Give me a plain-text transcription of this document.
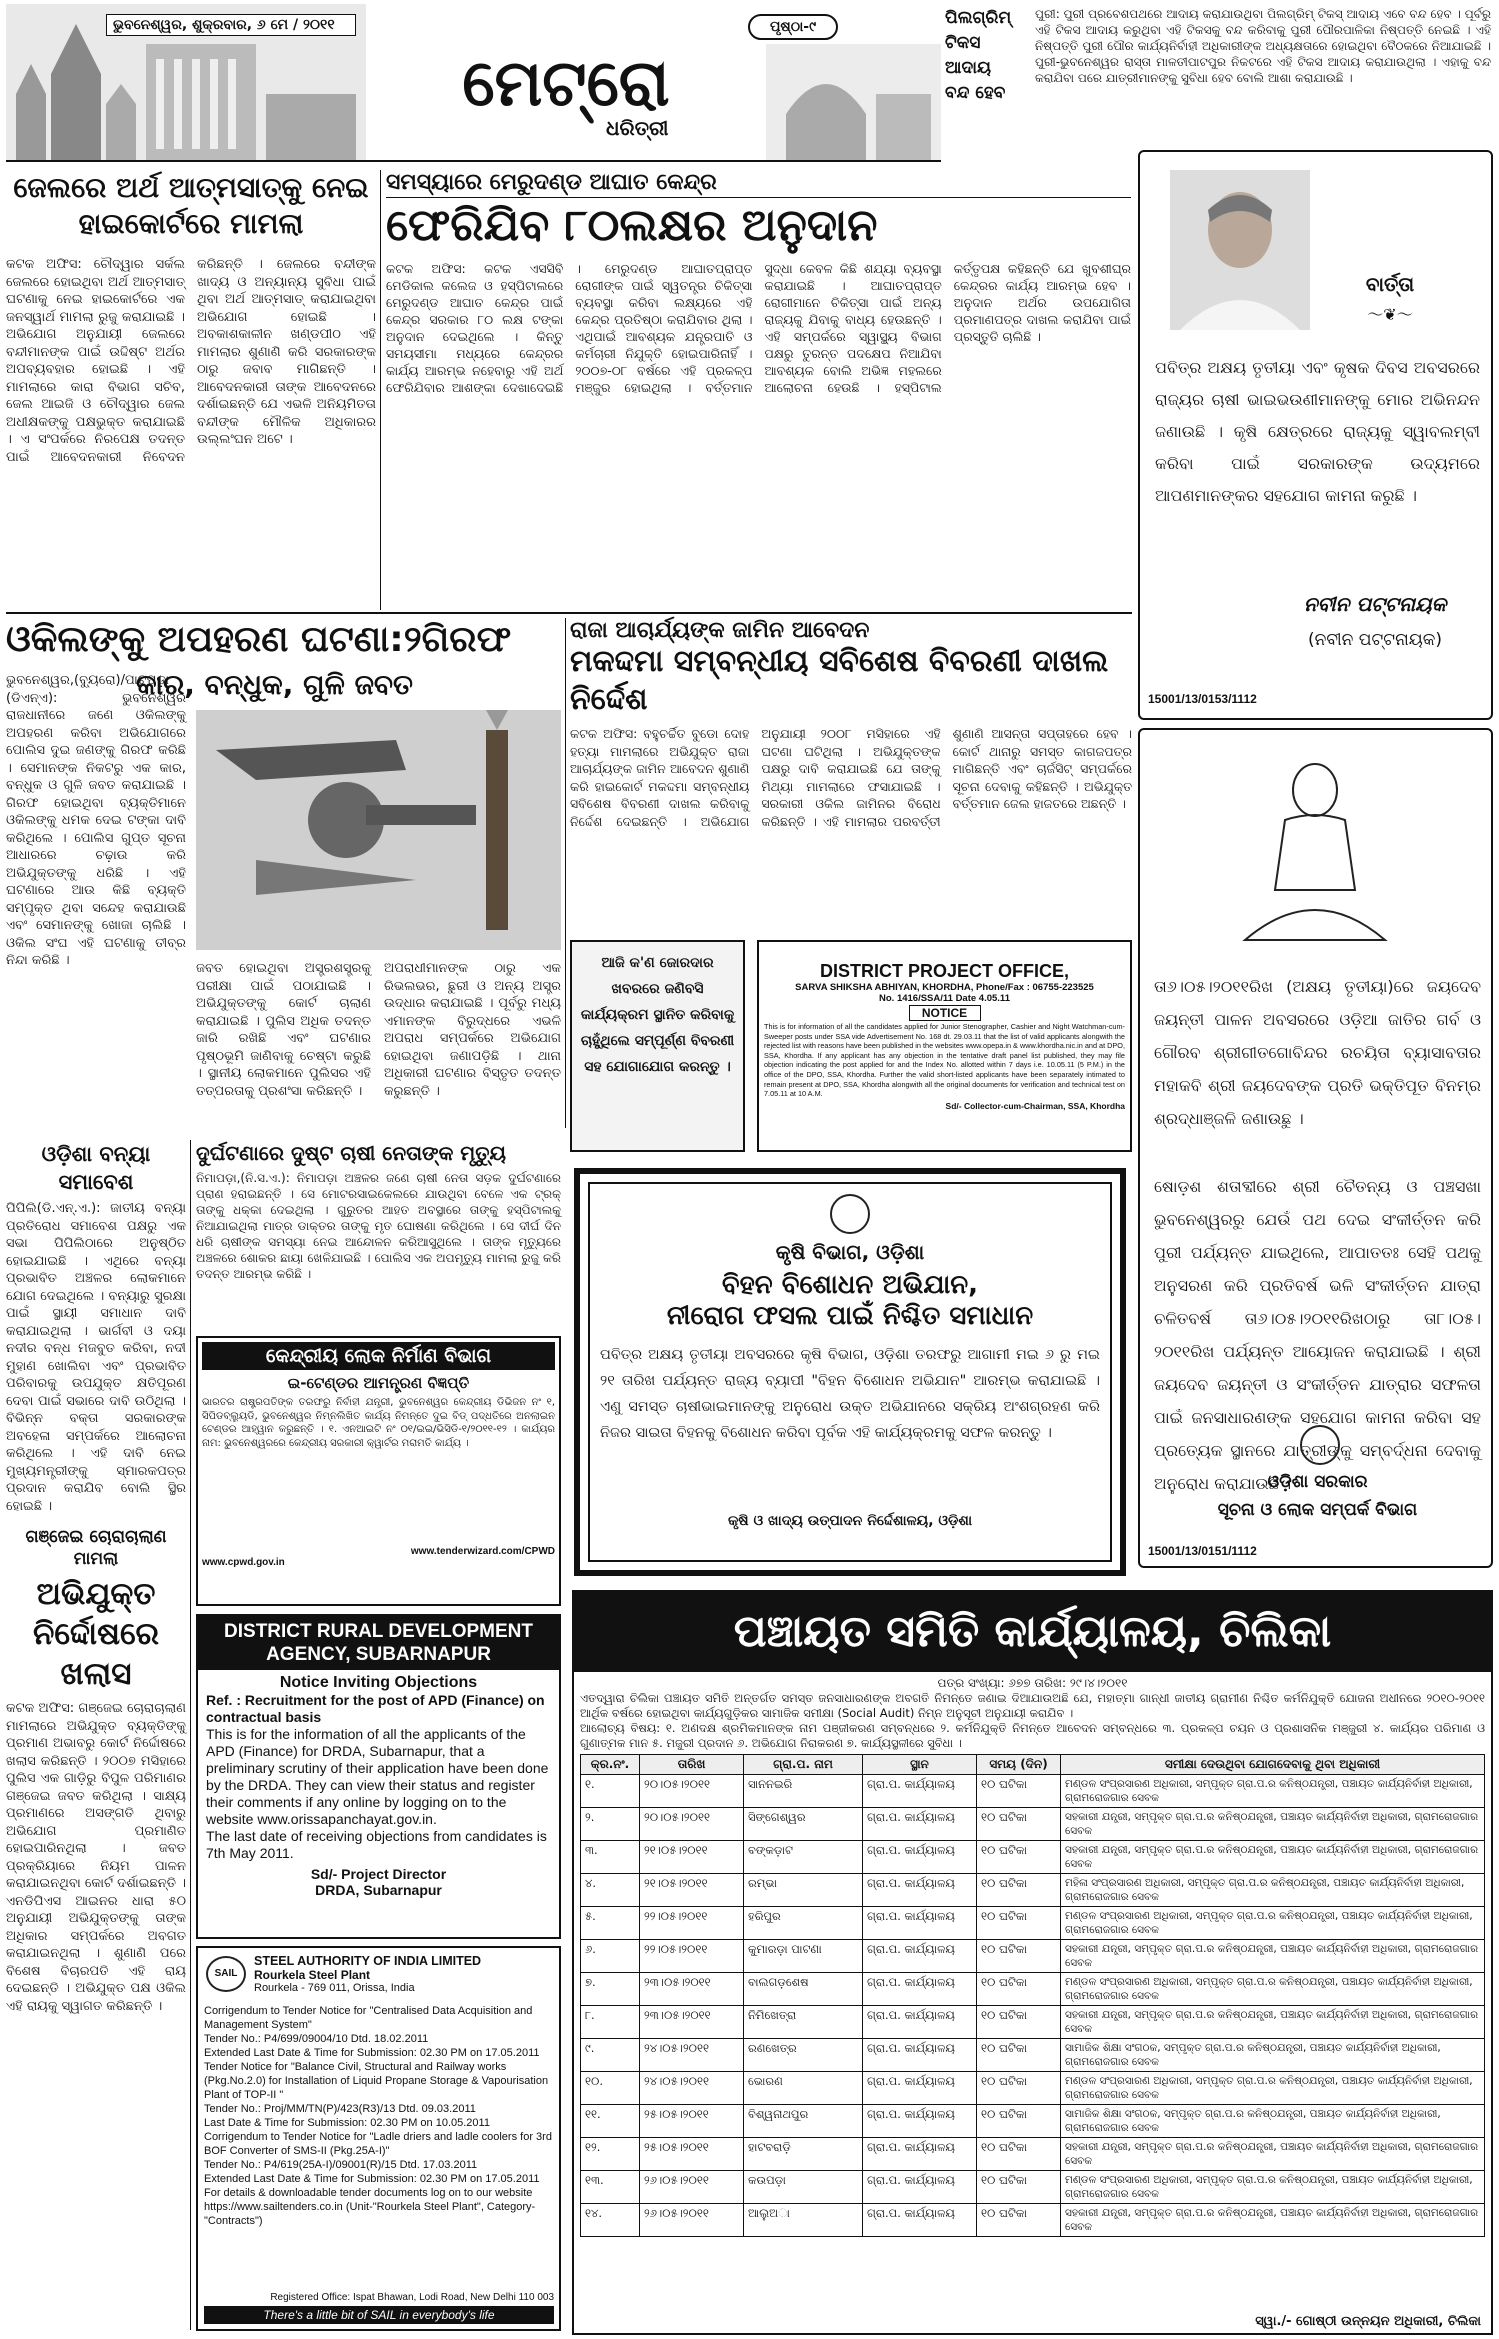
ଭୁବନେଶ୍ୱର, ଶୁକ୍ରବାର, ୬ ମେ / ୨୦୧୧	ପୃଷ୍ଠା-୯
ମେଟ୍ରୋ
ଧରିତ୍ରୀ
ପିଲଗ୍ରିମ୍
ଟିକସ
ଆଦାୟ
ବନ୍ଦ ହେବ
ପୁରୀ: ପୁରୀ ପ୍ରବେଶପଥରେ ଆଦାୟ କରାଯାଉଥିବା ପିଲଗ୍ରିମ୍ ଟିକସ୍ ଆଦାୟ ଏବେ ବନ୍ଦ ହେବ । ପୂର୍ବରୁ ଏହି ଟିକସ ଆଦାୟ କରୁଥିବା ଏହି ଟିକସକୁ ବନ୍ଦ କରିବାକୁ ପୁରୀ ପୌରପାଳିକା ନିଷ୍ପତ୍ତି ନେଇଛି । ଏହି ନିଷ୍ପତ୍ତି ପୁରୀ ପୌର କାର୍ଯ୍ୟନିର୍ବାହୀ ଅଧିକାରୀଙ୍କ ଅଧ୍ୟକ୍ଷତାରେ ହୋଇଥିବା ବୈଠକରେ ନିଆଯାଇଛି । ପୁରୀ-ଭୁବନେଶ୍ୱର ରାସ୍ତା ମାଳତୀପାଟପୁର ନିକଟରେ ଏହି ଟିକସ ଆଦାୟ କରାଯାଉଥିଲା । ଏହାକୁ ବନ୍ଦ କରାଯିବା ପରେ ଯାତ୍ରୀମାନଙ୍କୁ ସୁବିଧା ହେବ ବୋଲି ଆଶା କରାଯାଉଛି ।
ଜେଲରେ ଅର୍ଥ ଆତ୍ମସାତ୍‌କୁ ନେଇ ହାଇକୋର୍ଟରେ ମାମଲା
କଟକ ଅଫିସ: ଚୌଦ୍ୱାର ସର୍କଲ ଜେଲରେ ହୋଇଥିବା ଅର୍ଥ ଆତ୍ମସାତ୍ ଘଟଣାକୁ ନେଇ ହାଇକୋର୍ଟରେ ଏକ ଜନସ୍ୱାର୍ଥ ମାମଲା ରୁଜୁ କରାଯାଇଛି । ଅଭିଯୋଗ ଅନୁଯାୟୀ ଜେଲରେ ବନ୍ଦୀମାନଙ୍କ ପାଇଁ ଉଦ୍ଦିଷ୍ଟ ଅର୍ଥର ଅପବ୍ୟବହାର ହୋଇଛି । ଏହି ମାମଲାରେ କାରା ବିଭାଗ ସଚିବ, ଜେଲ ଆଇଜି ଓ ଚୌଦ୍ୱାର ଜେଲ ଅଧୀକ୍ଷକଙ୍କୁ ପକ୍ଷଭୁକ୍ତ କରାଯାଇଛି । ଏ ସଂପର୍କରେ ନିରପେକ୍ଷ ତଦନ୍ତ ପାଇଁ ଆବେଦନକାରୀ ନିବେଦନ କରିଛନ୍ତି । ଜେଲରେ ବନ୍ଦୀଙ୍କ ଖାଦ୍ୟ ଓ ଅନ୍ୟାନ୍ୟ ସୁବିଧା ପାଇଁ ଥିବା ଅର୍ଥ ଆତ୍ମସାତ୍ କରାଯାଇଥିବା ଅଭିଯୋଗ ହୋଇଛି । ଅବକାଶକାଳୀନ ଖଣ୍ଡପୀଠ ଏହି ମାମଲାର ଶୁଣାଣି କରି ସରକାରଙ୍କ ଠାରୁ ଜବାବ ମାଗିଛନ୍ତି । ଆବେଦନକାରୀ ତାଙ୍କ ଆବେଦନରେ ଦର୍ଶାଇଛନ୍ତି ଯେ ଏଭଳି ଅନିୟମିତତା ବନ୍ଦୀଙ୍କ ମୌଳିକ ଅଧିକାରର ଉଲ୍ଲଂଘନ ଅଟେ ।
ସମସ୍ୟାରେ ମେରୁଦଣ୍ଡ ଆଘାତ କେନ୍ଦ୍ର
ଫେରିଯିବ ୮୦ଲକ୍ଷର ଅନୁଦାନ
କଟକ ଅଫିସ: କଟକ ଏସସିବି ମେଡିକାଲ କଲେଜ ଓ ହସ୍ପିଟାଲରେ ମେରୁଦଣ୍ଡ ଆଘାତ କେନ୍ଦ୍ର ପାଇଁ କେନ୍ଦ୍ର ସରକାର ୮୦ ଲକ୍ଷ ଟଙ୍କା ଅନୁଦାନ ଦେଇଥିଲେ । କିନ୍ତୁ ସମୟସୀମା ମଧ୍ୟରେ କେନ୍ଦ୍ରର କାର୍ଯ୍ୟ ଆରମ୍ଭ ନହେବାରୁ ଏହି ଅର୍ଥ ଫେରିଯିବାର ଆଶଙ୍କା ଦେଖାଦେଇଛି । ମେରୁଦଣ୍ଡ ଆଘାତପ୍ରାପ୍ତ ରୋଗୀଙ୍କ ପାଇଁ ସ୍ୱତନ୍ତ୍ର ଚିକିତ୍ସା ବ୍ୟବସ୍ଥା କରିବା ଲକ୍ଷ୍ୟରେ ଏହି କେନ୍ଦ୍ର ପ୍ରତିଷ୍ଠା କରାଯିବାର ଥିଲା । ଏଥିପାଇଁ ଆବଶ୍ୟକ ଯନ୍ତ୍ରପାତି ଓ କର୍ମଚାରୀ ନିଯୁକ୍ତି ହୋଇପାରିନାହିଁ । ୨୦୦୭-୦୮ ବର୍ଷରେ ଏହି ପ୍ରକଳ୍ପ ମଞ୍ଜୁର ହୋଇଥିଲା । ବର୍ତ୍ତମାନ ସୁଦ୍ଧା କେବଳ କିଛି ଶଯ୍ୟା ବ୍ୟବସ୍ଥା କରାଯାଇଛି । ଆଘାତପ୍ରାପ୍ତ ରୋଗୀମାନେ ଚିକିତ୍ସା ପାଇଁ ଅନ୍ୟ ରାଜ୍ୟକୁ ଯିବାକୁ ବାଧ୍ୟ ହେଉଛନ୍ତି । ଏହି ସମ୍ପର୍କରେ ସ୍ୱାସ୍ଥ୍ୟ ବିଭାଗ ପକ୍ଷରୁ ତୁରନ୍ତ ପଦକ୍ଷେପ ନିଆଯିବା ଆବଶ୍ୟକ ବୋଲି ଅଭିଜ୍ଞ ମହଲରେ ଆଲୋଚନା ହେଉଛି । ହସ୍ପିଟାଲ କର୍ତ୍ତୃପକ୍ଷ କହିଛନ୍ତି ଯେ ଖୁବଶୀଘ୍ର କେନ୍ଦ୍ରର କାର୍ଯ୍ୟ ଆରମ୍ଭ ହେବ । ଅନୁଦାନ ଅର୍ଥର ଉପଯୋଗିତା ପ୍ରମାଣପତ୍ର ଦାଖଲ କରାଯିବା ପାଇଁ ପ୍ରସ୍ତୁତି ଚାଲିଛି ।
ବାର୍ତ୍ତା
～❦～
ପବିତ୍ର ଅକ୍ଷୟ ତୃତୀୟା ଏବଂ କୃଷକ ଦିବସ ଅବସରରେ ରାଜ୍ୟର ଚାଷୀ ଭାଇଭଉଣୀମାନଙ୍କୁ ମୋର ଅଭିନନ୍ଦନ ଜଣାଉଛି । କୃଷି କ୍ଷେତ୍ରରେ ରାଜ୍ୟକୁ ସ୍ୱାବଲମ୍ବୀ କରିବା ପାଇଁ ସରକାରଙ୍କ ଉଦ୍ୟମରେ ଆପଣମାନଙ୍କର ସହଯୋଗ କାମନା କରୁଛି ।
ନବୀନ ପଟ୍ଟନାୟକ
(ନବୀନ ପଟ୍ଟନାୟକ)
15001/13/0153/1112
ଓକିଲଙ୍କୁ ଅପହରଣ ଘଟଣା:୨ଗିରଫ
କାର, ବନ୍ଧୁକ, ଗୁଳି ଜବତ
ଭୁବନେଶ୍ୱର,(ବ୍ୟୁରୋ)/ପାଟପଡ଼ା (ଡିଏନ୍‌ଏ): ଭୁବନେଶ୍ୱର ରାଜଧାନୀରେ ଜଣେ ଓକିଲଙ୍କୁ ଅପହରଣ କରିବା ଅଭିଯୋଗରେ ପୋଲିସ ଦୁଇ ଜଣଙ୍କୁ ଗିରଫ କରିଛି । ସେମାନଙ୍କ ନିକଟରୁ ଏକ କାର, ବନ୍ଧୁକ ଓ ଗୁଳି ଜବତ କରାଯାଇଛି । ଗିରଫ ହୋଇଥିବା ବ୍ୟକ୍ତିମାନେ ଓକିଲଙ୍କୁ ଧମକ ଦେଇ ଟଙ୍କା ଦାବି କରିଥିଲେ । ପୋଲିସ ଗୁପ୍ତ ସୂଚନା ଆଧାରରେ ଚଢ଼ାଉ କରି ଅଭିଯୁକ୍ତଙ୍କୁ ଧରିଛି । ଏହି ଘଟଣାରେ ଆଉ କିଛି ବ୍ୟକ୍ତି ସମ୍ପୃକ୍ତ ଥିବା ସନ୍ଦେହ କରାଯାଉଛି ଏବଂ ସେମାନଙ୍କୁ ଖୋଜା ଚାଲିଛି । ଓକିଲ ସଂଘ ଏହି ଘଟଣାକୁ ତୀବ୍ର ନିନ୍ଦା କରିଛି ।
ଜବତ ହୋଇଥିବା ଅସ୍ତ୍ରଶସ୍ତ୍ରକୁ ପରୀକ୍ଷା ପାଇଁ ପଠାଯାଇଛି । ଅଭିଯୁକ୍ତଙ୍କୁ କୋର୍ଟ ଚାଲାଣ କରାଯାଇଛି । ପୁଲିସ ଅଧିକ ତଦନ୍ତ ଜାରି ରଖିଛି ଏବଂ ଘଟଣାର ପୃଷ୍ଠଭୂମି ଜାଣିବାକୁ ଚେଷ୍ଟା କରୁଛି । ସ୍ଥାନୀୟ ଲୋକମାନେ ପୁଲିସର ଏହି ତତ୍ପରତାକୁ ପ୍ରଶଂସା କରିଛନ୍ତି ।
ଅପରାଧୀମାନଙ୍କ ଠାରୁ ଏକ ରିଭଲଭର, ଛୁରୀ ଓ ଅନ୍ୟ ଅସ୍ତ୍ର ଉଦ୍ଧାର କରାଯାଇଛି । ପୂର୍ବରୁ ମଧ୍ୟ ଏମାନଙ୍କ ବିରୁଦ୍ଧରେ ଏଭଳି ଅପରାଧ ସମ୍ପର୍କରେ ଅଭିଯୋଗ ହୋଇଥିବା ଜଣାପଡ଼ିଛି । ଥାନା ଅଧିକାରୀ ଘଟଣାର ବିସ୍ତୃତ ତଦନ୍ତ କରୁଛନ୍ତି ।
ରାଜା ଆଚାର୍ଯ୍ୟଙ୍କ ଜାମିନ ଆବେଦନ
ମକଦ୍ଦମା ସମ୍ବନ୍ଧୀୟ ସବିଶେଷ ବିବରଣୀ ଦାଖଲ ନିର୍ଦ୍ଦେଶ
କଟକ ଅଫିସ: ବହୁଚର୍ଚ୍ଚିତ ବୁଡୋ ଦୋହ ହତ୍ୟା ମାମଲାରେ ଅଭିଯୁକ୍ତ ରାଜା ଆଚାର୍ଯ୍ୟଙ୍କ ଜାମିନ ଆବେଦନ ଶୁଣାଣି କରି ହାଇକୋର୍ଟ ମକଦ୍ଦମା ସମ୍ବନ୍ଧୀୟ ସବିଶେଷ ବିବରଣୀ ଦାଖଲ କରିବାକୁ ନିର୍ଦ୍ଦେଶ ଦେଇଛନ୍ତି । ଅଭିଯୋଗ ଅନୁଯାୟୀ ୨୦୦୮ ମସିହାରେ ଏହି ଘଟଣା ଘଟିଥିଲା । ଅଭିଯୁକ୍ତଙ୍କ ପକ୍ଷରୁ ଦାବି କରାଯାଇଛି ଯେ ତାଙ୍କୁ ମିଥ୍ୟା ମାମଲାରେ ଫସାଯାଇଛି । ସରକାରୀ ଓକିଲ ଜାମିନର ବିରୋଧ କରିଛନ୍ତି । ଏହି ମାମଲାର ପରବର୍ତ୍ତୀ ଶୁଣାଣି ଆସନ୍ତା ସପ୍ତାହରେ ହେବ । କୋର୍ଟ ଥାନାରୁ ସମସ୍ତ କାଗଜପତ୍ର ମାଗିଛନ୍ତି ଏବଂ ଚାର୍ଜସିଟ୍ ସମ୍ପର୍କରେ ସୂଚନା ଦେବାକୁ କହିଛନ୍ତି । ଅଭିଯୁକ୍ତ ବର୍ତ୍ତମାନ ଜେଲ ହାଜତରେ ଅଛନ୍ତି ।
ଆଜି କ'ଣ ଜୋରଦାର ଖବରରେ ଜଣିବସି କାର୍ଯ୍ୟକ୍ରମ ସ୍ଥାନିତ କରିବାକୁ ଚାହୁଁଥିଲେ ସମ୍ପୂର୍ଣ୍ଣ ବିବରଣୀ ସହ ଯୋଗାଯୋଗ କରନ୍ତୁ ।
DISTRICT PROJECT OFFICE,
SARVA SHIKSHA ABHIYAN, KHORDHA, Phone/Fax : 06755-223525
No. 1416/SSA/11 Date 4.05.11
NOTICE
This is for information of all the candidates applied for Junior Stenographer, Cashier and Night Watchman-cum-Sweeper posts under SSA vide Advertisement No. 168 dt. 29.03.11 that the list of valid applicants alongwith the rejected list with reasons have been published in the websites www.opepa.in & www.khordha.nic.in and at DPO, SSA, Khordha. If any applicant has any objection in the tentative draft panel list published, they may file objection indicating the post applied for and the Index No. allotted within 7 days i.e. 10.05.11 (5 P.M.) in the office of the DPO, SSA, Khordha. Further the valid short-listed applicants have been separately intimated to remain present at DPO, SSA, Khordha alongwith all the original documents for verification and technical test on 7.05.11 at 10 A.M.
Sd/- Collector-cum-Chairman, SSA, Khordha
ତା୬।୦୫।୨୦୧୧ରିଖ (ଅକ୍ଷୟ ତୃତୀୟା)ରେ ଜୟଦେବ ଜୟନ୍ତୀ ପାଳନ ଅବସରରେ ଓଡ଼ିଆ ଜାତିର ଗର୍ବ ଓ ଗୌରବ ଶ୍ରୀଗୀତଗୋବିନ୍ଦର ରଚୟିତା ବ୍ୟାସାବତାର ମହାକବି ଶ୍ରୀ ଜୟଦେବଙ୍କ ପ୍ରତି ଭକ୍ତିପୂତ ବିନମ୍ର ଶ୍ରଦ୍ଧାଞ୍ଜଳି ଜଣାଉଛୁ ।
ଷୋଡ଼ଶ ଶତାବ୍ଦୀରେ ଶ୍ରୀ ଚୈତନ୍ୟ ଓ ପଞ୍ଚସଖା ଭୁବନେଶ୍ୱରରୁ ଯେଉଁ ପଥ ଦେଇ ସଂକୀର୍ତ୍ତନ କରି ପୁରୀ ପର୍ଯ୍ୟନ୍ତ ଯାଇଥିଲେ, ଆପାତତଃ ସେହି ପଥକୁ ଅନୁସରଣ କରି ପ୍ରତିବର୍ଷ ଭଳି ସଂକୀର୍ତ୍ତନ ଯାତ୍ରା ଚଳିତବର୍ଷ ତା୬।୦୫।୨୦୧୧ରିଖଠାରୁ ତା୮।୦୫।୨୦୧୧ରିଖ ପର୍ଯ୍ୟନ୍ତ ଆୟୋଜନ କରାଯାଇଛି । ଶ୍ରୀ ଜୟଦେବ ଜୟନ୍ତୀ ଓ ସଂକୀର୍ତ୍ତନ ଯାତ୍ରାର ସଫଳତା ପାଇଁ ଜନସାଧାରଣଙ୍କ ସହଯୋଗ କାମନା କରିବା ସହ ପ୍ରତ୍ୟେକ ସ୍ଥାନରେ ଯାତ୍ରୀଙ୍କୁ ସମ୍ବର୍ଦ୍ଧନା ଦେବାକୁ ଅନୁରୋଧ କରାଯାଉଛି ।
ଓଡ଼ିଶା ସରକାର
ସୂଚନା ଓ ଲୋକ ସମ୍ପର୍କ ବିଭାଗ
15001/13/0151/1112
ଓଡ଼ିଶା ବନ୍ୟା ସମାବେଶ
ପିପିଲି(ଡି.ଏନ୍.ଏ.): ଜାତୀୟ ବନ୍ୟା ପ୍ରତିରୋଧ ସମାବେଶ ପକ୍ଷରୁ ଏକ ସଭା ପିପିଲିଠାରେ ଅନୁଷ୍ଠିତ ହୋଇଯାଇଛି । ଏଥିରେ ବନ୍ୟା ପ୍ରଭାବିତ ଅଞ୍ଚଳର ଲୋକମାନେ ଯୋଗ ଦେଇଥିଲେ । ବନ୍ୟାରୁ ସୁରକ୍ଷା ପାଇଁ ସ୍ଥାୟୀ ସମାଧାନ ଦାବି କରାଯାଇଥିଲା । ଭାର୍ଗବୀ ଓ ଦୟା ନଦୀର ବନ୍ଧ ମଜବୁତ କରିବା, ନଦୀ ମୁହାଣ ଖୋଲିବା ଏବଂ ପ୍ରଭାବିତ ପରିବାରକୁ ଉପଯୁକ୍ତ କ୍ଷତିପୂରଣ ଦେବା ପାଇଁ ସଭାରେ ଦାବି ଉଠିଥିଲା । ବିଭିନ୍ନ ବକ୍ତା ସରକାରଙ୍କ ଅବହେଳା ସମ୍ପର୍କରେ ଆଲୋଚନା କରିଥିଲେ । ଏହି ଦାବି ନେଇ ମୁଖ୍ୟମନ୍ତ୍ରୀଙ୍କୁ ସ୍ମାରକପତ୍ର ପ୍ରଦାନ କରାଯିବ ବୋଲି ସ୍ଥିର ହୋଇଛି ।
ଦୁର୍ଘଟଣାରେ ଦୁଷ୍ଟ ଚାଷୀ ନେତାଙ୍କ ମୃତ୍ୟୁ
ନିମାପଡ଼ା,(ନି.ସ.ଏ.): ନିମାପଡ଼ା ଅଞ୍ଚଳର ଜଣେ ଚାଷୀ ନେତା ସଡ଼କ ଦୁର୍ଘଟଣାରେ ପ୍ରାଣ ହରାଇଛନ୍ତି । ସେ ମୋଟରସାଇକେଲରେ ଯାଉଥିବା ବେଳେ ଏକ ଟ୍ରକ୍ ତାଙ୍କୁ ଧକ୍କା ଦେଇଥିଲା । ଗୁରୁତର ଆହତ ଅବସ୍ଥାରେ ତାଙ୍କୁ ହସ୍ପିଟାଲକୁ ନିଆଯାଇଥିଲା ମାତ୍ର ଡାକ୍ତର ତାଙ୍କୁ ମୃତ ଘୋଷଣା କରିଥିଲେ । ସେ ଦୀର୍ଘ ଦିନ ଧରି ଚାଷୀଙ୍କ ସମସ୍ୟା ନେଇ ଆନ୍ଦୋଳନ କରିଆସୁଥିଲେ । ତାଙ୍କ ମୃତ୍ୟୁରେ ଅଞ୍ଚଳରେ ଶୋକର ଛାୟା ଖେଳିଯାଇଛି । ପୋଲିସ ଏକ ଅପମୃତ୍ୟୁ ମାମଲା ରୁଜୁ କରି ତଦନ୍ତ ଆରମ୍ଭ କରିଛି ।
କୃଷି ବିଭାଗ, ଓଡ଼ିଶା
ବିହନ ବିଶୋଧନ ଅଭିଯାନ,
ନୀରୋଗ ଫସଲ ପାଇଁ ନିଶ୍ଚିତ ସମାଧାନ
ପବିତ୍ର ଅକ୍ଷୟ ତୃତୀୟା ଅବସରରେ କୃଷି ବିଭାଗ, ଓଡ଼ିଶା ତରଫରୁ ଆଗାମୀ ମଇ ୬ ରୁ ମଇ ୨୧ ତାରିଖ ପର୍ଯ୍ୟନ୍ତ ରାଜ୍ୟ ବ୍ୟାପୀ "ବିହନ ବିଶୋଧନ ଅଭିଯାନ" ଆରମ୍ଭ କରାଯାଇଛି । ଏଣୁ ସମସ୍ତ ଚାଷୀଭାଇମାନଙ୍କୁ ଅନୁରୋଧ ଉକ୍ତ ଅଭିଯାନରେ ସକ୍ରିୟ ଅଂଶଗ୍ରହଣ କରି ନିଜର ସାଇତା ବିହନକୁ ବିଶୋଧନ କରିବା ପୂର୍ବକ ଏହି କାର୍ଯ୍ୟକ୍ରମକୁ ସଫଳ କରନ୍ତୁ ।
କୃଷି ଓ ଖାଦ୍ୟ ଉତ୍ପାଦନ ନିର୍ଦ୍ଦେଶାଳୟ, ଓଡ଼ିଶା
କେନ୍ଦ୍ରୀୟ ଲୋକ ନିର୍ମାଣ ବିଭାଗ
ଇ-ଟେଣ୍ଡର ଆମନ୍ତ୍ରଣ ବିଜ୍ଞପ୍ତି
ଭାରତର ରାଷ୍ଟ୍ରପତିଙ୍କ ତରଫରୁ ନିର୍ବାହୀ ଯନ୍ତ୍ରୀ, ଭୁବନେଶ୍ୱର କେନ୍ଦ୍ରୀୟ ଡିଭିଜନ ନଂ ୧, ସିପିଡବ୍ଲ୍ୟୁଡି, ଭୁବନେଶ୍ୱର ନିମ୍ନଲିଖିତ କାର୍ଯ୍ୟ ନିମନ୍ତେ ଦୁଇ ବିଡ୍ ପଦ୍ଧତିରେ ଅନଲାଇନ ଟେଣ୍ଡର ଆହ୍ୱାନ କରୁଛନ୍ତି । ୧. ଏନଆଇଟି ନଂ ୦୧/ଇଇ/ଭିସିଡି-୧/୨୦୧୧-୧୨ । କାର୍ଯ୍ୟର ନାମ: ଭୁବନେଶ୍ୱରରେ କେନ୍ଦ୍ରୀୟ ସରକାରୀ କ୍ୱାର୍ଟର ମରାମତି କାର୍ଯ୍ୟ ।
www.tenderwizard.com/CPWD
www.cpwd.gov.in
ଗଞ୍ଜେଇ ଚୋରାଚାଲାଣ ମାମଲା
ଅଭିଯୁକ୍ତ ନିର୍ଦ୍ଦୋଷରେ ଖଲାସ
କଟକ ଅଫିସ: ଗଞ୍ଜେଇ ଚୋରାଚାଲାଣ ମାମଲାରେ ଅଭିଯୁକ୍ତ ବ୍ୟକ୍ତିଙ୍କୁ ପ୍ରମାଣ ଅଭାବରୁ କୋର୍ଟ ନିର୍ଦ୍ଦୋଷରେ ଖଲାସ କରିଛନ୍ତି । ୨୦୦୭ ମସିହାରେ ପୁଲିସ ଏକ ଗାଡ଼ିରୁ ବିପୁଳ ପରିମାଣର ଗଞ୍ଜେଇ ଜବତ କରିଥିଲା । ସାକ୍ଷ୍ୟ ପ୍ରମାଣରେ ଅସଙ୍ଗତି ଥିବାରୁ ଅଭିଯୋଗ ପ୍ରମାଣିତ ହୋଇପାରିନଥିଲା । ଜବତ ପ୍ରକ୍ରିୟାରେ ନିୟମ ପାଳନ କରାଯାଇନଥିବା କୋର୍ଟ ଦର୍ଶାଇଛନ୍ତି । ଏନଡିପିଏସ ଆଇନର ଧାରା ୫୦ ଅନୁଯାୟୀ ଅଭିଯୁକ୍ତଙ୍କୁ ତାଙ୍କ ଅଧିକାର ସମ୍ପର୍କରେ ଅବଗତ କରାଯାଇନଥିଲା । ଶୁଣାଣି ପରେ ବିଶେଷ ବିଚାରପତି ଏହି ରାୟ ଦେଇଛନ୍ତି । ଅଭିଯୁକ୍ତ ପକ୍ଷ ଓକିଲ ଏହି ରାୟକୁ ସ୍ୱାଗତ କରିଛନ୍ତି ।
DISTRICT RURAL DEVELOPMENT AGENCY, SUBARNAPUR
Notice Inviting Objections
Ref. : Recruitment for the post of APD (Finance) on contractual basis
This is for the information of all the applicants of the APD (Finance) for DRDA, Subarnapur, that a preliminary scrutiny of their application have been done by the DRDA. They can view their status and register their comments if any online by logging on to the website www.orissapanchayat.gov.in.
The last date of receiving objections from candidates is 7th May 2011.
Sd/- Project Director
DRDA, Subarnapur
SAIL
STEEL AUTHORITY OF INDIA LIMITED
Rourkela Steel Plant
Rourkela - 769 011, Orissa, India

Corrigendum to Tender Notice for "Centralised Data Acquisition and Management System"

Tender No.: P4/699/09004/10 Dtd. 18.02.2011

Extended Last Date & Time for Submission: 02.30 PM on 17.05.2011

Tender Notice for "Balance Civil, Structural and Railway works (Pkg.No.2.0) for Installation of Liquid Propane Storage & Vapourisation Plant of TOP-II "

Tender No.: Proj/MM/TN(P)/423(R3)/13 Dtd. 09.03.2011

Last Date & Time for Submission: 02.30 PM on 10.05.2011

Corrigendum to Tender Notice for "Ladle driers and ladle coolers for 3rd BOF Converter of SMS-II (Pkg.25A-I)"

Tender No.: P4/619(25A-I)/09001(R)/15 Dtd. 17.03.2011

Extended Last Date & Time for Submission: 02.30 PM on 17.05.2011

For details & downloadable tender documents log on to our website https://www.sailtenders.co.in (Unit-"Rourkela Steel Plant", Category-"Contracts")

Registered Office: Ispat Bhawan, Lodi Road, New Delhi 110 003
There's a little bit of SAIL in everybody's life
ପଞ୍ଚାୟତ ସମିତି କାର୍ଯ୍ୟାଳୟ, ଚିଲିକା
ପତ୍ର ସଂଖ୍ୟା: ୬୭୭ ତାରିଖ: ୨୯।୪।୨୦୧୧
ଏତଦ୍ୱାରା ଚିଲିକା ପଞ୍ଚାୟତ ସମିତି ଅନ୍ତର୍ଗତ ସମସ୍ତ ଜନସାଧାରଣଙ୍କ ଅବଗତି ନିମନ୍ତେ ଜଣାଇ ଦିଆଯାଉଅଛି ଯେ, ମହାତ୍ମା ଗାନ୍ଧୀ ଜାତୀୟ ଗ୍ରାମୀଣ ନିଶ୍ଚିତ କର୍ମନିଯୁକ୍ତି ଯୋଜନା ଅଧୀନରେ ୨୦୧୦-୨୦୧୧ ଆର୍ଥିକ ବର୍ଷରେ ହୋଇଥିବା କାର୍ଯ୍ୟଗୁଡ଼ିକର ସାମାଜିକ ସମୀକ୍ଷା (Social Audit) ନିମ୍ନ ଅନୁସୂଚୀ ଅନୁଯାୟୀ କରାଯିବ ।
ଆଲୋଚ୍ୟ ବିଷୟ: ୧. ଅଣଦକ୍ଷ ଶ୍ରମିକମାନଙ୍କ ନାମ ପଞ୍ଜୀକରଣ ସମ୍ବନ୍ଧରେ ୨. କର୍ମନିଯୁକ୍ତି ନିମନ୍ତେ ଆବେଦନ ସମ୍ବନ୍ଧରେ ୩. ପ୍ରକଳ୍ପ ଚୟନ ଓ ପ୍ରଶାସନିକ ମଞ୍ଜୁରୀ ୪. କାର୍ଯ୍ୟର ପରିମାଣ ଓ ଗୁଣାତ୍ମକ ମାନ ୫. ମଜୁରୀ ପ୍ରଦାନ ୬. ଅଭିଯୋଗ ନିରାକରଣ ୭. କାର୍ଯ୍ୟସ୍ଥଳୀରେ ସୁବିଧା ।
କ୍ର.ନଂ.	ତାରିଖ	ଗ୍ରା.ପ. ନାମ	ସ୍ଥାନ	ସମୟ (ଦିନ)	ସମୀକ୍ଷା ଦେଉଥିବା ଯୋଗଦେବାକୁ ଥିବା ଅଧିକାରୀ
୧.	୨୦।୦୫।୨୦୧୧	ସାନନଇରି	ଗ୍ରା.ପ. କାର୍ଯ୍ୟାଳୟ	୧୦ ଘଟିକା	ମଣ୍ଡଳ ସଂପ୍ରସାରଣ ଅଧିକାରୀ, ସମ୍ପୃକ୍ତ ଗ୍ରା.ପ.ର କନିଷ୍ଠଯନ୍ତ୍ରୀ, ପଞ୍ଚାୟତ କାର୍ଯ୍ୟନିର୍ବାହୀ ଅଧିକାରୀ, ଗ୍ରାମରୋଜଗାର ସେବକ
୨.	୨୦।୦୫।୨୦୧୧	ସିଙ୍ଗେଶ୍ୱର	ଗ୍ରା.ପ. କାର୍ଯ୍ୟାଳୟ	୧୦ ଘଟିକା	ସହକାରୀ ଯନ୍ତ୍ରୀ, ସମ୍ପୃକ୍ତ ଗ୍ରା.ପ.ର କନିଷ୍ଠଯନ୍ତ୍ରୀ, ପଞ୍ଚାୟତ କାର୍ଯ୍ୟନିର୍ବାହୀ ଅଧିକାରୀ, ଗ୍ରାମରୋଜଗାର ସେବକ
୩.	୨୧।୦୫।୨୦୧୧	ବଙ୍କଡ଼ାଟ	ଗ୍ରା.ପ. କାର୍ଯ୍ୟାଳୟ	୧୦ ଘଟିକା	ସହକାରୀ ଯନ୍ତ୍ରୀ, ସମ୍ପୃକ୍ତ ଗ୍ରା.ପ.ର କନିଷ୍ଠଯନ୍ତ୍ରୀ, ପଞ୍ଚାୟତ କାର୍ଯ୍ୟନିର୍ବାହୀ ଅଧିକାରୀ, ଗ୍ରାମରୋଜଗାର ସେବକ
୪.	୨୧।୦୫।୨୦୧୧	ରମ୍ଭା	ଗ୍ରା.ପ. କାର୍ଯ୍ୟାଳୟ	୧୦ ଘଟିକା	ମହିଳା ସଂପ୍ରସାରଣ ଅଧିକାରୀ, ସମ୍ପୃକ୍ତ ଗ୍ରା.ପ.ର କନିଷ୍ଠଯନ୍ତ୍ରୀ, ପଞ୍ଚାୟତ କାର୍ଯ୍ୟନିର୍ବାହୀ ଅଧିକାରୀ, ଗ୍ରାମରୋଜଗାର ସେବକ
୫.	୨୨।୦୫।୨୦୧୧	ହରିପୁର	ଗ୍ରା.ପ. କାର୍ଯ୍ୟାଳୟ	୧୦ ଘଟିକା	ମଣ୍ଡଳ ସଂପ୍ରସାରଣ ଅଧିକାରୀ, ସମ୍ପୃକ୍ତ ଗ୍ରା.ପ.ର କନିଷ୍ଠଯନ୍ତ୍ରୀ, ପଞ୍ଚାୟତ କାର୍ଯ୍ୟନିର୍ବାହୀ ଅଧିକାରୀ, ଗ୍ରାମରୋଜଗାର ସେବକ
୬.	୨୨।୦୫।୨୦୧୧	କୁମାରଡ଼ା ପାଟଣା	ଗ୍ରା.ପ. କାର୍ଯ୍ୟାଳୟ	୧୦ ଘଟିକା	ସହକାରୀ ଯନ୍ତ୍ରୀ, ସମ୍ପୃକ୍ତ ଗ୍ରା.ପ.ର କନିଷ୍ଠଯନ୍ତ୍ରୀ, ପଞ୍ଚାୟତ କାର୍ଯ୍ୟନିର୍ବାହୀ ଅଧିକାରୀ, ଗ୍ରାମରୋଜଗାର ସେବକ
୭.	୨୩।୦୫।୨୦୧୧	ବାଲଗଡ଼ଶେଷ	ଗ୍ରା.ପ. କାର୍ଯ୍ୟାଳୟ	୧୦ ଘଟିକା	ମଣ୍ଡଳ ସଂପ୍ରସାରଣ ଅଧିକାରୀ, ସମ୍ପୃକ୍ତ ଗ୍ରା.ପ.ର କନିଷ୍ଠଯନ୍ତ୍ରୀ, ପଞ୍ଚାୟତ କାର୍ଯ୍ୟନିର୍ବାହୀ ଅଧିକାରୀ, ଗ୍ରାମରୋଜଗାର ସେବକ
୮.	୨୩।୦୫।୨୦୧୧	ନିମିଖେତ୍ରା	ଗ୍ରା.ପ. କାର୍ଯ୍ୟାଳୟ	୧୦ ଘଟିକା	ସହକାରୀ ଯନ୍ତ୍ରୀ, ସମ୍ପୃକ୍ତ ଗ୍ରା.ପ.ର କନିଷ୍ଠଯନ୍ତ୍ରୀ, ପଞ୍ଚାୟତ କାର୍ଯ୍ୟନିର୍ବାହୀ ଅଧିକାରୀ, ଗ୍ରାମରୋଜଗାର ସେବକ
୯.	୨୪।୦୫।୨୦୧୧	ରଣଖେତ୍ର	ଗ୍ରା.ପ. କାର୍ଯ୍ୟାଳୟ	୧୦ ଘଟିକା	ସାମାଜିକ ଶିକ୍ଷା ସଂଗଠକ, ସମ୍ପୃକ୍ତ ଗ୍ରା.ପ.ର କନିଷ୍ଠଯନ୍ତ୍ରୀ, ପଞ୍ଚାୟତ କାର୍ଯ୍ୟନିର୍ବାହୀ ଅଧିକାରୀ, ଗ୍ରାମରୋଜଗାର ସେବକ
୧୦.	୨୪।୦୫।୨୦୧୧	ଭୋରଣ	ଗ୍ରା.ପ. କାର୍ଯ୍ୟାଳୟ	୧୦ ଘଟିକା	ମଣ୍ଡଳ ସଂପ୍ରସାରଣ ଅଧିକାରୀ, ସମ୍ପୃକ୍ତ ଗ୍ରା.ପ.ର କନିଷ୍ଠଯନ୍ତ୍ରୀ, ପଞ୍ଚାୟତ କାର୍ଯ୍ୟନିର୍ବାହୀ ଅଧିକାରୀ, ଗ୍ରାମରୋଜଗାର ସେବକ
୧୧.	୨୫।୦୫।୨୦୧୧	ବିଶ୍ୱନାଥପୁର	ଗ୍ରା.ପ. କାର୍ଯ୍ୟାଳୟ	୧୦ ଘଟିକା	ସାମାଜିକ ଶିକ୍ଷା ସଂଗଠକ, ସମ୍ପୃକ୍ତ ଗ୍ରା.ପ.ର କନିଷ୍ଠଯନ୍ତ୍ରୀ, ପଞ୍ଚାୟତ କାର୍ଯ୍ୟନିର୍ବାହୀ ଅଧିକାରୀ, ଗ୍ରାମରୋଜଗାର ସେବକ
୧୨.	୨୫।୦୫।୨୦୧୧	ହାଟବରାଡ଼ି	ଗ୍ରା.ପ. କାର୍ଯ୍ୟାଳୟ	୧୦ ଘଟିକା	ସହକାରୀ ଯନ୍ତ୍ରୀ, ସମ୍ପୃକ୍ତ ଗ୍ରା.ପ.ର କନିଷ୍ଠଯନ୍ତ୍ରୀ, ପଞ୍ଚାୟତ କାର୍ଯ୍ୟନିର୍ବାହୀ ଅଧିକାରୀ, ଗ୍ରାମରୋଜଗାର ସେବକ
୧୩.	୨୬।୦୫।୨୦୧୧	କଉପଡ଼ା	ଗ୍ରା.ପ. କାର୍ଯ୍ୟାଳୟ	୧୦ ଘଟିକା	ମଣ୍ଡଳ ସଂପ୍ରସାରଣ ଅଧିକାରୀ, ସମ୍ପୃକ୍ତ ଗ୍ରା.ପ.ର କନିଷ୍ଠଯନ୍ତ୍ରୀ, ପଞ୍ଚାୟତ କାର୍ଯ୍ୟନିର୍ବାହୀ ଅଧିକାରୀ, ଗ୍ରାମରୋଜଗାର ସେବକ
୧୪.	୨୬।୦୫।୨୦୧୧	ଆଲୁଅା	ଗ୍ରା.ପ. କାର୍ଯ୍ୟାଳୟ	୧୦ ଘଟିକା	ସହକାରୀ ଯନ୍ତ୍ରୀ, ସମ୍ପୃକ୍ତ ଗ୍ରା.ପ.ର କନିଷ୍ଠଯନ୍ତ୍ରୀ, ପଞ୍ଚାୟତ କାର୍ଯ୍ୟନିର୍ବାହୀ ଅଧିକାରୀ, ଗ୍ରାମରୋଜଗାର ସେବକ
ସ୍ୱା./- ଗୋଷ୍ଠୀ ଉନ୍ନୟନ ଅଧିକାରୀ, ଚିଲିକା
